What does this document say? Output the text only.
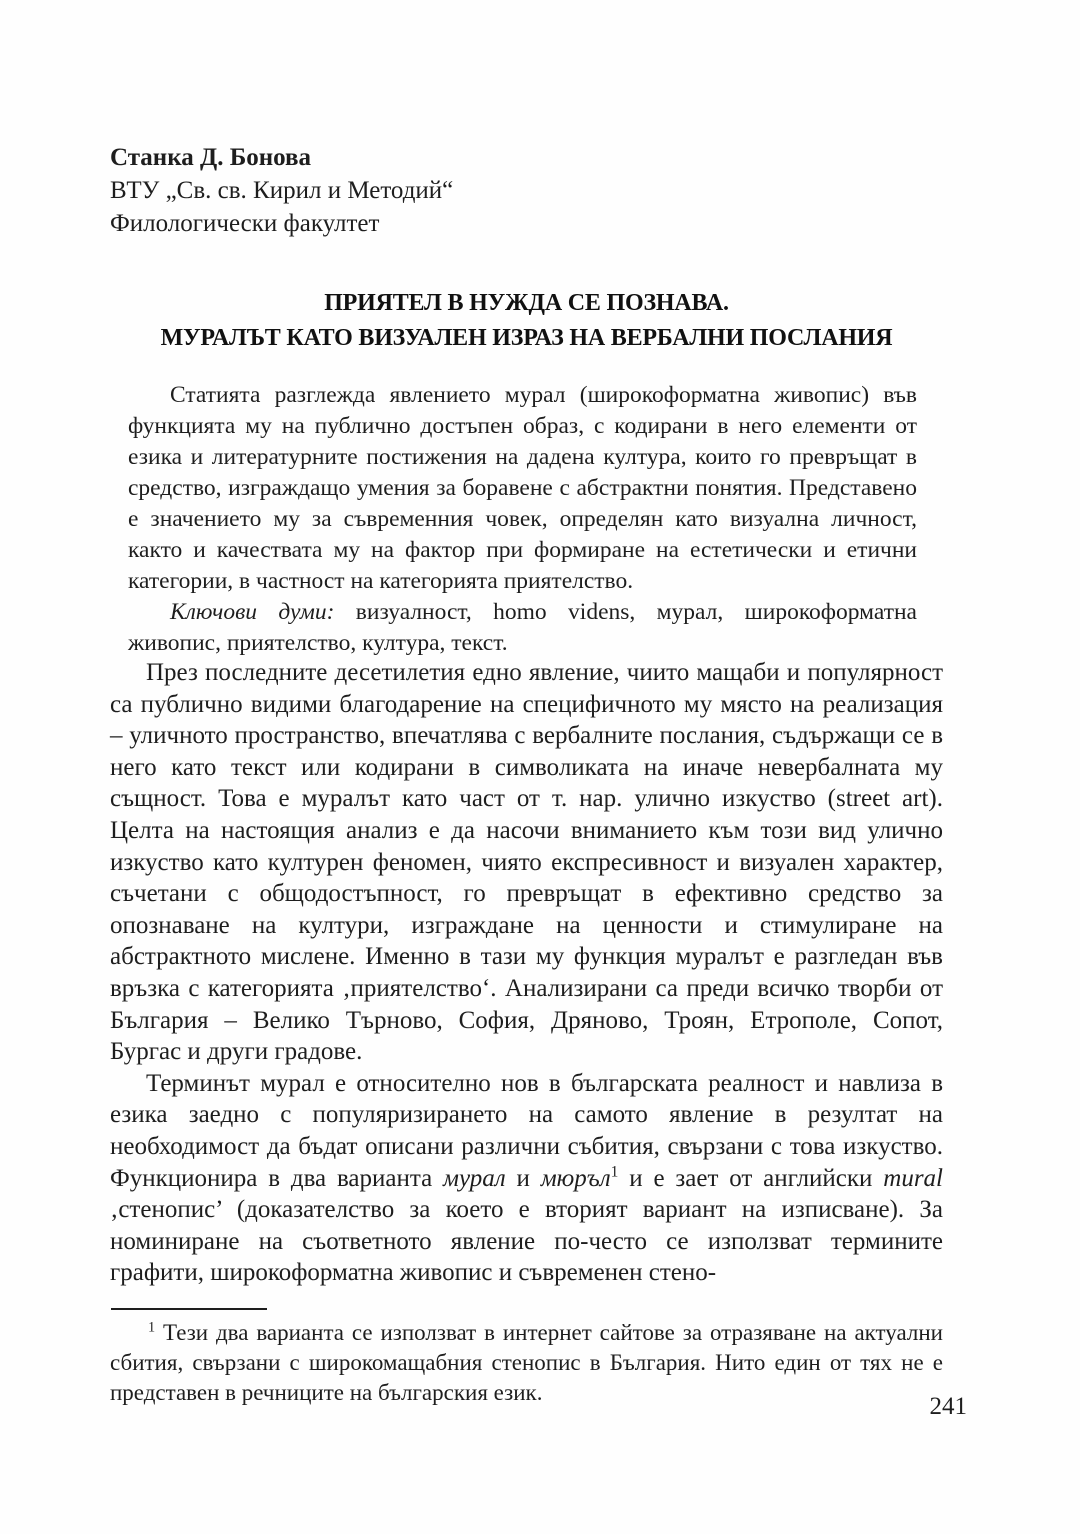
Станка Д. Бонова
ВТУ „Св. св. Кирил и Методий“
Филологически факултет
ПРИЯТЕЛ В НУЖДА СЕ ПОЗНАВА.
МУРАЛЪТ КАТО ВИЗУАЛЕН ИЗРАЗ НА ВЕРБАЛНИ ПОСЛАНИЯ

Статията разглежда явлението мурал (широкоформатна живопис) във функцията му на публично достъпен образ, с кодирани в него елементи от езика и литературните постижения на дадена култура, които го превръщат в средство, изграждащо умения за боравене с абстрактни понятия. Представено е значението му за съвременния човек, определян като визуална личност, както и качествата му на фактор при формиране на естетически и етични категории, в частност на категорията приятелство.

Ключови думи: визуалност, homo videns, мурал, широкоформатна живопис, приятелство, култура, текст.

През последните десетилетия едно явление, чиито мащаби и популярност са публично видими благодарение на специфичното му място на реализация – уличното пространство, впечатлява с вербалните послания, съдържащи се в него като текст или кодирани в символиката на иначе невербалната му същност. Това е муралът като част от т. нар. улично изкуство (street art). Целта на настоящия анализ е да насочи вниманието към този вид улично изкуство като културен феномен, чиято експресивност и визуален характер, съчетани с общодостъпност, го превръщат в ефективно средство за опознаване на култури, изграждане на ценности и стимулиране на абстрактното мислене. Именно в тази му функция муралът е разгледан във връзка с категорията ‚приятелство‘. Анализирани са преди всичко творби от България – Велико Търново, София, Дряново, Троян, Етрополе, Сопот, Бургас и други градове.

Терминът мурал е относително нов в българската реалност и навлиза в езика заедно с популяризирането на самото явление в резултат на необходимост да бъдат описани различни събития, свързани с това изкуство. Функционира в два варианта мурал и мюръл$^1$ и е зает от английски mural ‚стенопис’ (доказателство за което е вторият вариант на изписване). За номиниране на съответното явление по-често се използват термините графити, широкоформатна живопис и съвременен стено-

$^1$ Тези два варианта се използват в интернет сайтове за отразяване на актуални сбития, свързани с широкомащабния стенопис в България. Нито един от тях не е представен в речниците на българския език.

241
